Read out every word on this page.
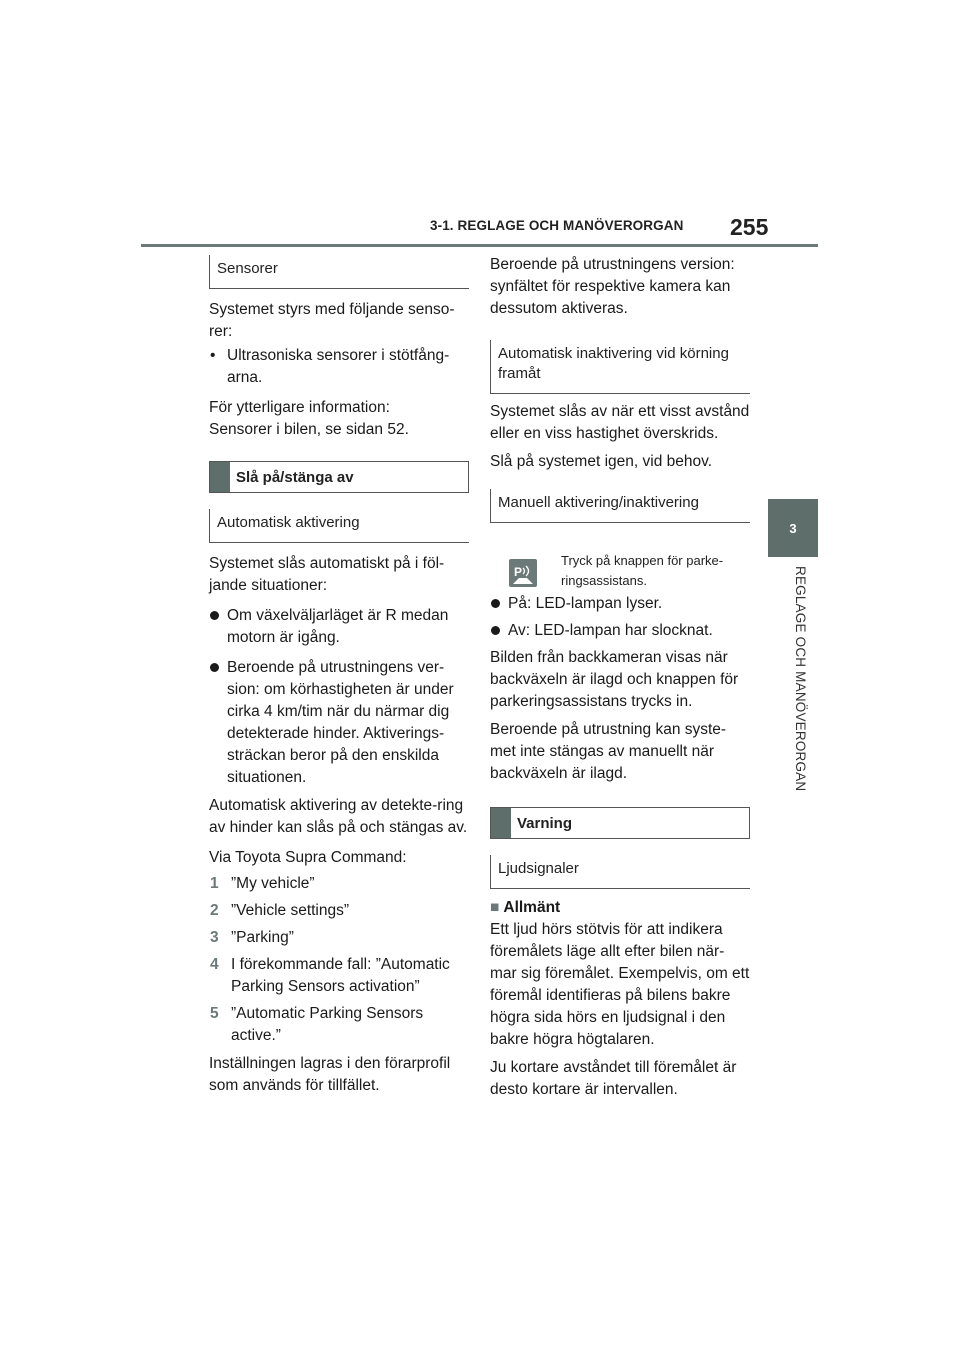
3-1. REGLAGE OCH MANÖVERORGAN 255
3
REGLAGE OCH MANÖVERORGAN
Sensorer

Systemet styrs med följande senso-rer:

• Ultrasoniska sensorer i stötfång-arna.

För ytterligare information:

Sensorer i bilen, se sidan 52.

Slå på/stänga av
Automatisk aktivering

Systemet slås automatiskt på i föl-jande situationer:

Om växelväljarläget är R medan motorn är igång.
Beroende på utrustningens ver-sion: om körhastigheten är under cirka 4 km/tim när du närmar dig detekterade hinder. Aktiverings-sträckan beror på den enskilda situationen.

Automatisk aktivering av detekte-ring av hinder kan slås på och stängas av.

Via Toyota Supra Command:

1 ”My vehicle”
2 ”Vehicle settings”
3 ”Parking”
4 I förekommande fall: ”Automatic Parking Sensors activation”
5 ”Automatic Parking Sensors active.”

Inställningen lagras i den förarprofil som används för tillfället.

Beroende på utrustningens version: synfältet för respektive kamera kan dessutom aktiveras.

Automatisk inaktivering vid körning framåt

Systemet slås av när ett visst avstånd eller en viss hastighet överskrids.

Slå på systemet igen, vid behov.

Manuell aktivering/inaktivering
P
Tryck på knappen för parke-ringsassistans.
På: LED-lampan lyser.
Av: LED-lampan har slocknat.

Bilden från backkameran visas när backväxeln är ilagd och knappen för parkeringsassistans trycks in.

Beroende på utrustning kan syste-met inte stängas av manuellt när backväxeln är ilagd.

Varning
Ljudsignaler

■ Allmänt

Ett ljud hörs stötvis för att indikera föremålets läge allt efter bilen när-mar sig föremålet. Exempelvis, om ett föremål identifieras på bilens bakre högra sida hörs en ljudsignal i den bakre högra högtalaren.

Ju kortare avståndet till föremålet är desto kortare är intervallen.
